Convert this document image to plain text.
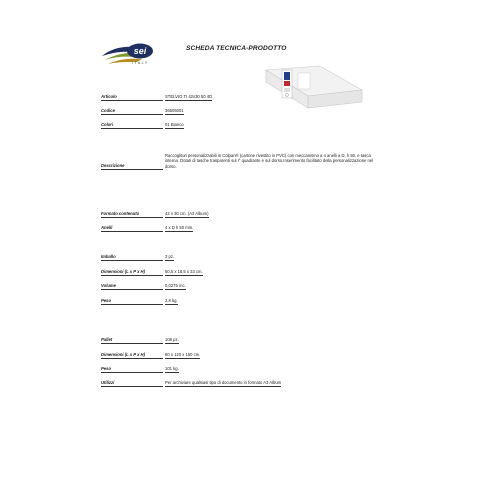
sei
ITALY
SCHEDA TECNICA-PRODOTTO
Articolo	STELVIO TI 42x30 50 4D
Codice	36505001
Colori	01 Bianco
Descrizione
Raccoglitori personalizzabili in Colpan® (cartone rivestito in PVC) con meccanismo a 4 anelli a D, h 50, e tasca interna. Dotati di tasche trasparenti sul I° quadrante e sul dorso.Inserimento facilitato della personalizzazione nel dorso.
Formato contenuto	42 x 30 cm. (A3 Album)
Anelli	4 x D h 50 mm.
Imballo	3 pz.
Dimensioni (L x P x H)	50,5 x 16,5 x 33 cm.
Volume	0,0275 mc.
Peso	2,8 kg.
Pallet	108 pz.
Dimensioni (L x P x H)	80 x 120 x 150 cm.
Peso	101 kg.
Utilizzi	Per archiviare qualsiasi tipo di documento in formato A3 Album
